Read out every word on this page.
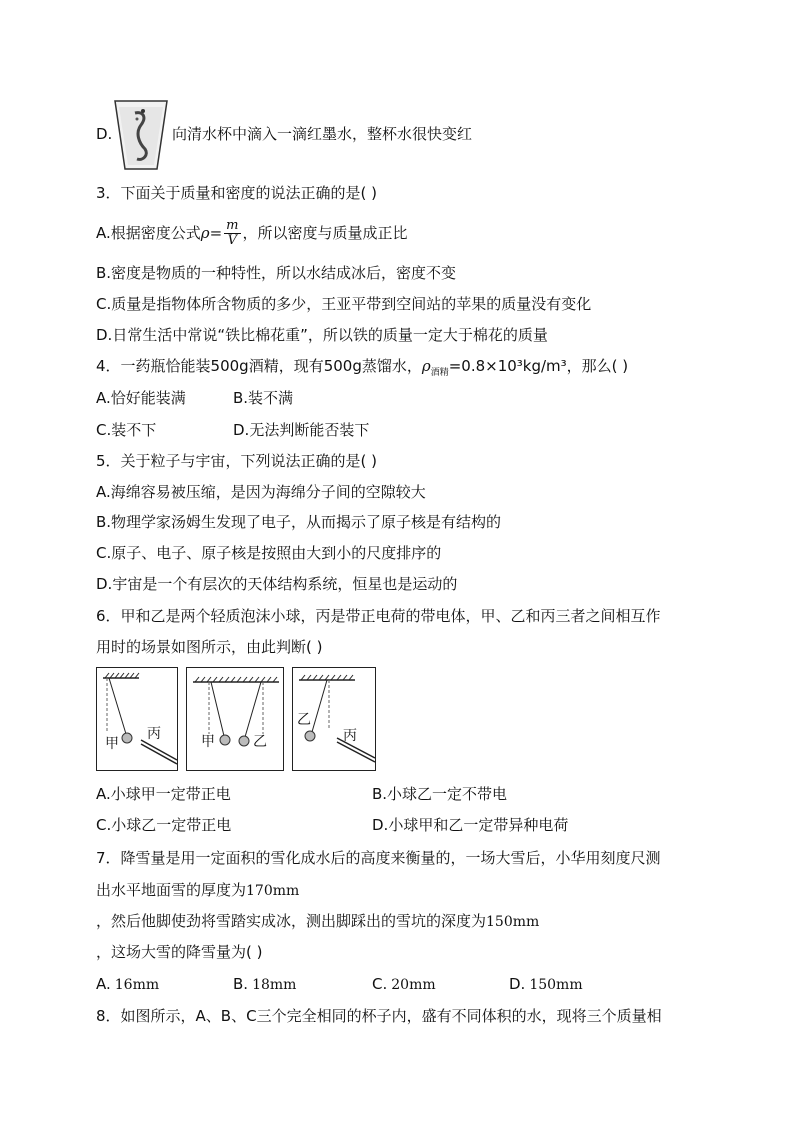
D.	向清水杯中滴入一滴红墨水，整杯水很快变红
3．下面关于质量和密度的说法正确的是( )
A.根据密度公式$\rho= \frac{m}{V}$ ，所以密度与质量成正比
B.密度是物质的一种特性，所以水结成冰后，密度不变
C.质量是指物体所含物质的多少，王亚平带到空间站的苹果的质量没有变化
D.日常生活中常说“铁比棉花重”，所以铁的质量一定大于棉花的质量
4．一药瓶恰能装500g酒精，现有500g蒸馏水，$\rho_{酒精}=0.8\times 10^3kg/m^3$，那么( )
A.恰好能装满	B.装不满
C.装不下	D.无法判断能否装下
5．关于粒子与宇宙，下列说法正确的是( )
A.海绵容易被压缩，是因为海绵分子间的空隙较大
B.物理学家汤姆生发现了电子，从而揭示了原子核是有结构的
C.原子、电子、原子核是按照由大到小的尺度排序的
D.宇宙是一个有层次的天体结构系统，恒星也是运动的
6．甲和乙是两个轻质泡沫小球，丙是带正电荷的带电体，甲、乙和丙三者之间相互作
用时的场景如图所示，由此判断( )
甲
丙	甲	乙
乙
丙
A.小球甲一定带正电	B.小球乙一定不带电
C.小球乙一定带正电	D.小球甲和乙一定带异种电荷
7．降雪量是用一定面积的雪化成水后的高度来衡量的，一场大雪后，小华用刻度尺测
出水平地面雪的厚度为170mm
，然后他脚使劲将雪踏实成冰，测出脚踩出的雪坑的深度为150mm
，这场大雪的降雪量为( )
A. 16mm	B. 18mm	C. 20mm	D. 150mm
8．如图所示，A、B、C三个完全相同的杯子内，盛有不同体积的水，现将三个质量相
